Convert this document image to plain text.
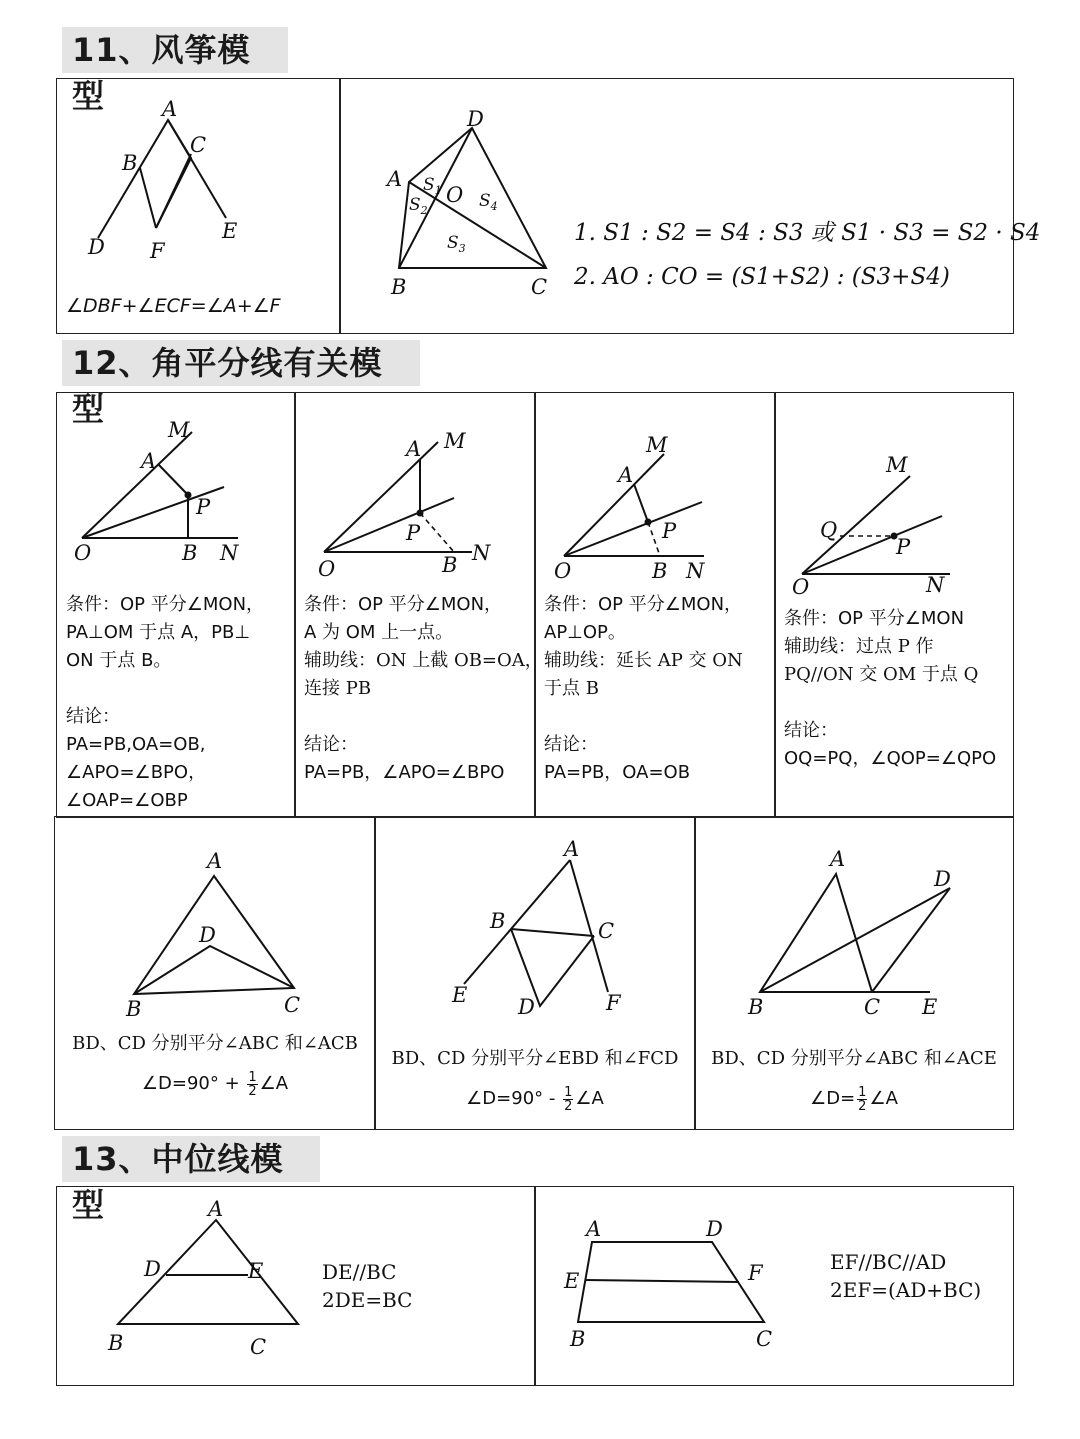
11、风筝模型	A
B
C
D F
E
∠DBF+∠ECF=∠A+∠F
D
A $S_1$
$S_2$
O $S_4$
$S_3$
B	C
1. S1 : S2 = S4 : S3 或 S1 · S3 = S2 · S4
2. AO : CO = (S1+S2) : (S3+S4)
12、角平分线有关模型
M
A
P
O	B N
条件：OP 平分∠MON，
PA⊥OM 于点 A，PB⊥
ON 于点 B。
结论：
PA=PB,OA=OB,
∠APO=∠BPO，
∠OAP=∠OBP
A M
P
O	B N
条件：OP 平分∠MON，
A 为 OM 上一点。
辅助线：ON 上截 OB=OA，
连接 PB
结论：
PA=PB，∠APO=∠BPO
M
A
P
O	B N
条件：OP 平分∠MON，
AP⊥OP。
辅助线：延长 AP 交 ON
于点 B
结论：
PA=PB，OA=OB
M
Q
P
O	N
条件：OP 平分∠MON
辅助线：过点 P 作
PQ//ON 交 OM 于点 Q
结论：
OQ=PQ，∠QOP=∠QPO
A
D
B	C
BD、CD 分别平分∠ABC 和∠ACB
∠D=90° + $\frac{1}{2}$ ∠A
A
B	C
E D	F
BD、CD 分别平分∠EBD 和∠FCD
∠D=90° - $\frac{1}{2}$ ∠A
A
D
B	C E
BD、CD 分别平分∠ABC 和∠ACE
∠D= $\frac{1}{2}$ ∠A
13、中位线模型	A
D	E
B	C
DE//BC
2DE=BC
A	D
E	F
B	C
EF//BC//AD
2EF=(AD+BC)
